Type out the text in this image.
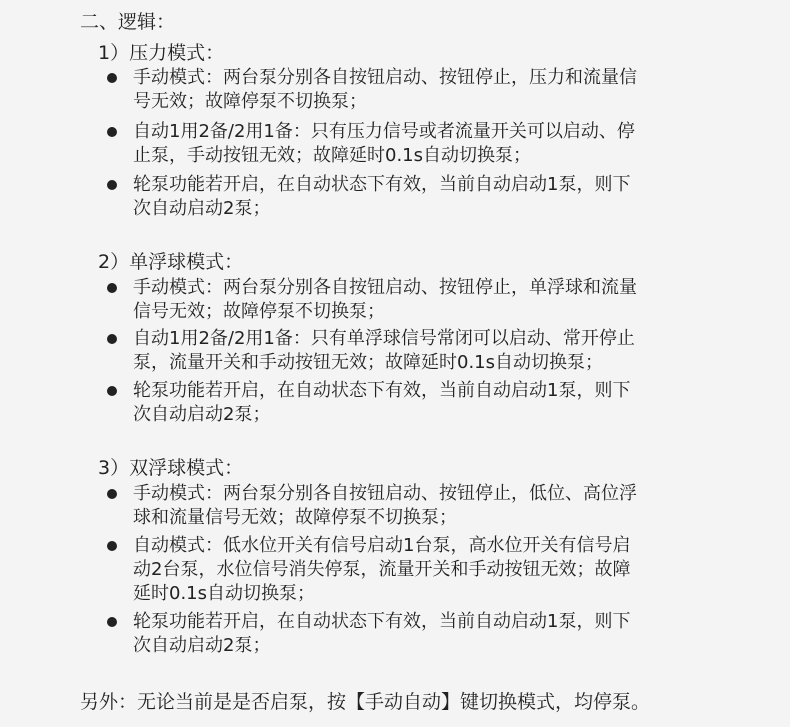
二、逻辑：
1）压力模式：
手动模式：两台泵分别各自按钮启动、按钮停止，压力和流量信
号无效；故障停泵不切换泵；
自动1用2备/2用1备：只有压力信号或者流量开关可以启动、停
止泵，手动按钮无效；故障延时0.1s自动切换泵；
轮泵功能若开启，在自动状态下有效，当前自动启动1泵，则下
次自动启动2泵；
2）单浮球模式：
手动模式：两台泵分别各自按钮启动、按钮停止，单浮球和流量
信号无效；故障停泵不切换泵；
自动1用2备/2用1备：只有单浮球信号常闭可以启动、常开停止
泵，流量开关和手动按钮无效；故障延时0.1s自动切换泵；
轮泵功能若开启，在自动状态下有效，当前自动启动1泵，则下
次自动启动2泵；
3）双浮球模式：
手动模式：两台泵分别各自按钮启动、按钮停止，低位、高位浮
球和流量信号无效；故障停泵不切换泵；
自动模式：低水位开关有信号启动1台泵，高水位开关有信号启
动2台泵，水位信号消失停泵，流量开关和手动按钮无效；故障
延时0.1s自动切换泵；
轮泵功能若开启，在自动状态下有效，当前自动启动1泵，则下
次自动启动2泵；
另外：无论当前是是否启泵，按【手动自动】键切换模式，均停泵。
